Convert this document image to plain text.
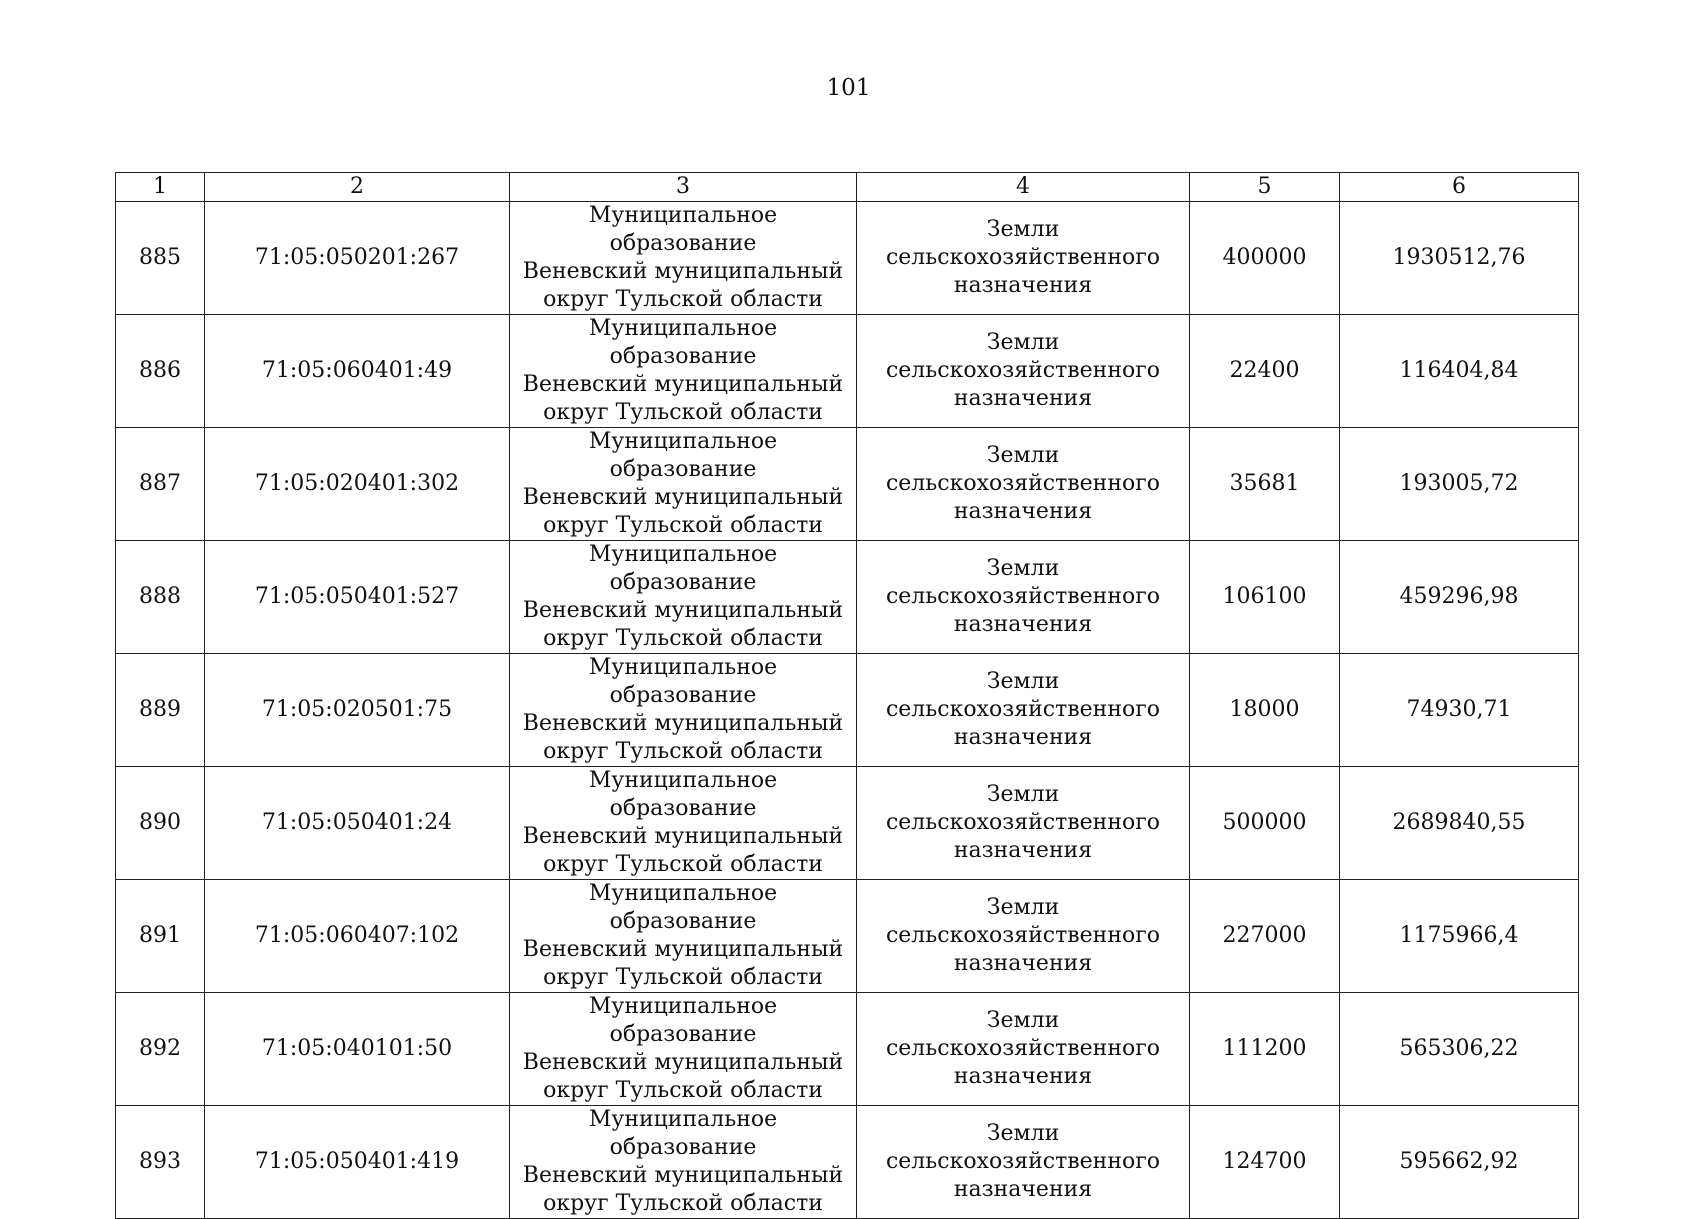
101
1	2	3	4	5	6
885	71:05:050201:267	Муниципальное образование
Веневский муниципальный
округ Тульской области	Земли
сельскохозяйственного
назначения	400000	1930512,76
886	71:05:060401:49	Муниципальное образование
Веневский муниципальный
округ Тульской области	Земли
сельскохозяйственного
назначения	22400	116404,84
887	71:05:020401:302	Муниципальное образование
Веневский муниципальный
округ Тульской области	Земли
сельскохозяйственного
назначения	35681	193005,72
888	71:05:050401:527	Муниципальное образование
Веневский муниципальный
округ Тульской области	Земли
сельскохозяйственного
назначения	106100	459296,98
889	71:05:020501:75	Муниципальное образование
Веневский муниципальный
округ Тульской области	Земли
сельскохозяйственного
назначения	18000	74930,71
890	71:05:050401:24	Муниципальное образование
Веневский муниципальный
округ Тульской области	Земли
сельскохозяйственного
назначения	500000	2689840,55
891	71:05:060407:102	Муниципальное образование
Веневский муниципальный
округ Тульской области	Земли
сельскохозяйственного
назначения	227000	1175966,4
892	71:05:040101:50	Муниципальное образование
Веневский муниципальный
округ Тульской области	Земли
сельскохозяйственного
назначения	111200	565306,22
893	71:05:050401:419	Муниципальное образование
Веневский муниципальный
округ Тульской области	Земли
сельскохозяйственного
назначения	124700	595662,92
